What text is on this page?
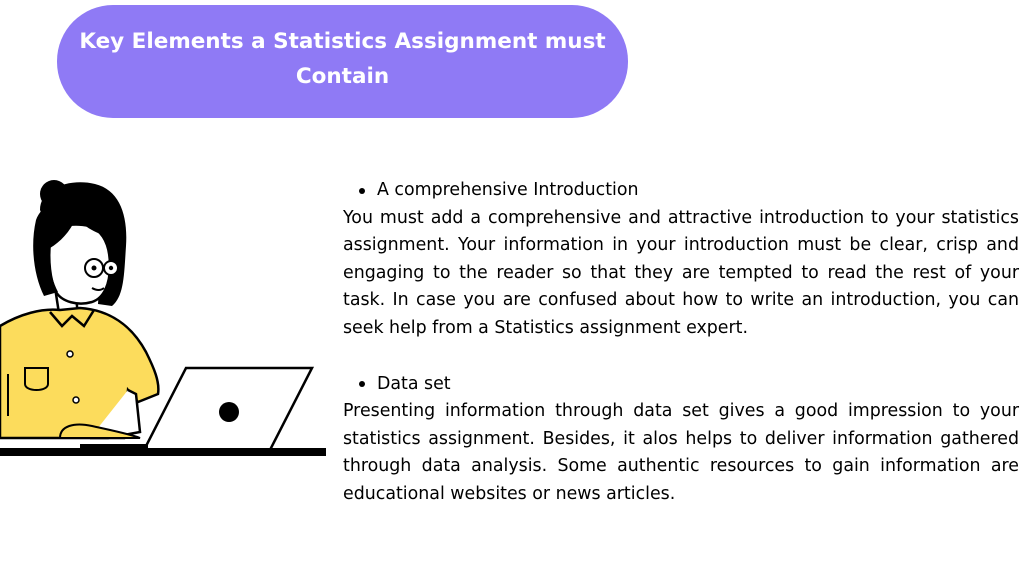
Key Elements a Statistics Assignment must Contain
A comprehensive Introduction

You must add a comprehensive and attractive introduction to your statistics assignment. Your information in your introduction must be clear, crisp and engaging to the reader so that they are tempted to read the rest of your task. In case you are confused about how to write an introduction, you can seek help from a Statistics assignment expert.

Data set

Presenting information through data set gives a good impression to your statistics assignment. Besides, it alos helps to deliver information gathered through data analysis. Some authentic resources to gain information are educational websites or news articles.
